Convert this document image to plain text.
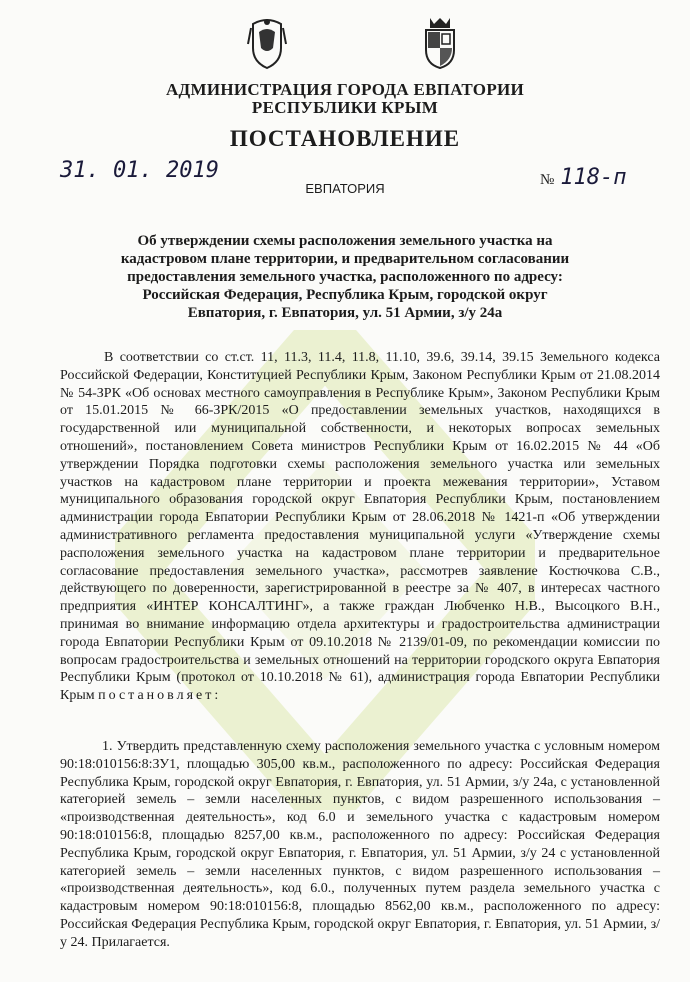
АДМИНИСТРАЦИЯ ГОРОДА ЕВПАТОРИИ
РЕСПУБЛИКИ КРЫМ
ПОСТАНОВЛЕНИЕ
31. 01. 2019
ЕВПАТОРИЯ
№ 118-п
Об утверждении схемы расположения земельного участка на
кадастровом плане территории, и предварительном согласовании
предоставления земельного участка, расположенного по адресу:
Российская Федерация, Республика Крым, городской округ
Евпатория, г. Евпатория, ул. 51 Армии, з/у 24а
В соответствии со ст.ст. 11, 11.3, 11.4, 11.8, 11.10, 39.6, 39.14, 39.15 Земельного кодекса Российской Федерации, Конституцией Республики Крым, Законом Республики Крым от 21.08.2014 № 54-ЗРК «Об основах местного самоуправления в Республике Крым», Законом Республики Крым от 15.01.2015 № 66-ЗРК/2015 «О предоставлении земельных участков, находящихся в государственной или муниципальной собственности, и некоторых вопросах земельных отношений», постановлением Совета министров Республики Крым от 16.02.2015 № 44 «Об утверждении Порядка подготовки схемы расположения земельного участка или земельных участков на кадастровом плане территории и проекта межевания территории», Уставом муниципального образования городской округ Евпатория Республики Крым, постановлением администрации города Евпатории Республики Крым от 28.06.2018 № 1421-п «Об утверждении административного регламента предоставления муниципальной услуги «Утверждение схемы расположения земельного участка на кадастровом плане территории и предварительное согласование предоставления земельного участка», рассмотрев заявление Костючкова С.В., действующего по доверенности, зарегистрированной в реестре за № 407, в интересах частного предприятия «ИНТЕР КОНСАЛТИНГ», а также граждан Любченко Н.В., Высоцкого В.Н., принимая во внимание информацию отдела архитектуры и градостроительства администрации города Евпатории Республики Крым от 09.10.2018 № 2139/01-09, по рекомендации комиссии по вопросам градостроительства и земельных отношений на территории городского округа Евпатория Республики Крым (протокол от 10.10.2018 № 61), администрация города Евпатории Республики Крым постановляет:
1. Утвердить представленную схему расположения земельного участка с условным номером 90:18:010156:8:ЗУ1, площадью 305,00 кв.м., расположенного по адресу: Российская Федерация Республика Крым, городской округ Евпатория, г. Евпатория, ул. 51 Армии, з/у 24а, с установленной категорией земель – земли населенных пунктов, с видом разрешенного использования – «производственная деятельность», код 6.0 и земельного участка с кадастровым номером 90:18:010156:8, площадью 8257,00 кв.м., расположенного по адресу: Российская Федерация Республика Крым, городской округ Евпатория, г. Евпатория, ул. 51 Армии, з/у 24 с установленной категорией земель – земли населенных пунктов, с видом разрешенного использования – «производственная деятельность», код 6.0., полученных путем раздела земельного участка с кадастровым номером 90:18:010156:8, площадью 8562,00 кв.м., расположенного по адресу: Российская Федерация Республика Крым, городской округ Евпатория, г. Евпатория, ул. 51 Армии, з/у 24. Прилагается.
